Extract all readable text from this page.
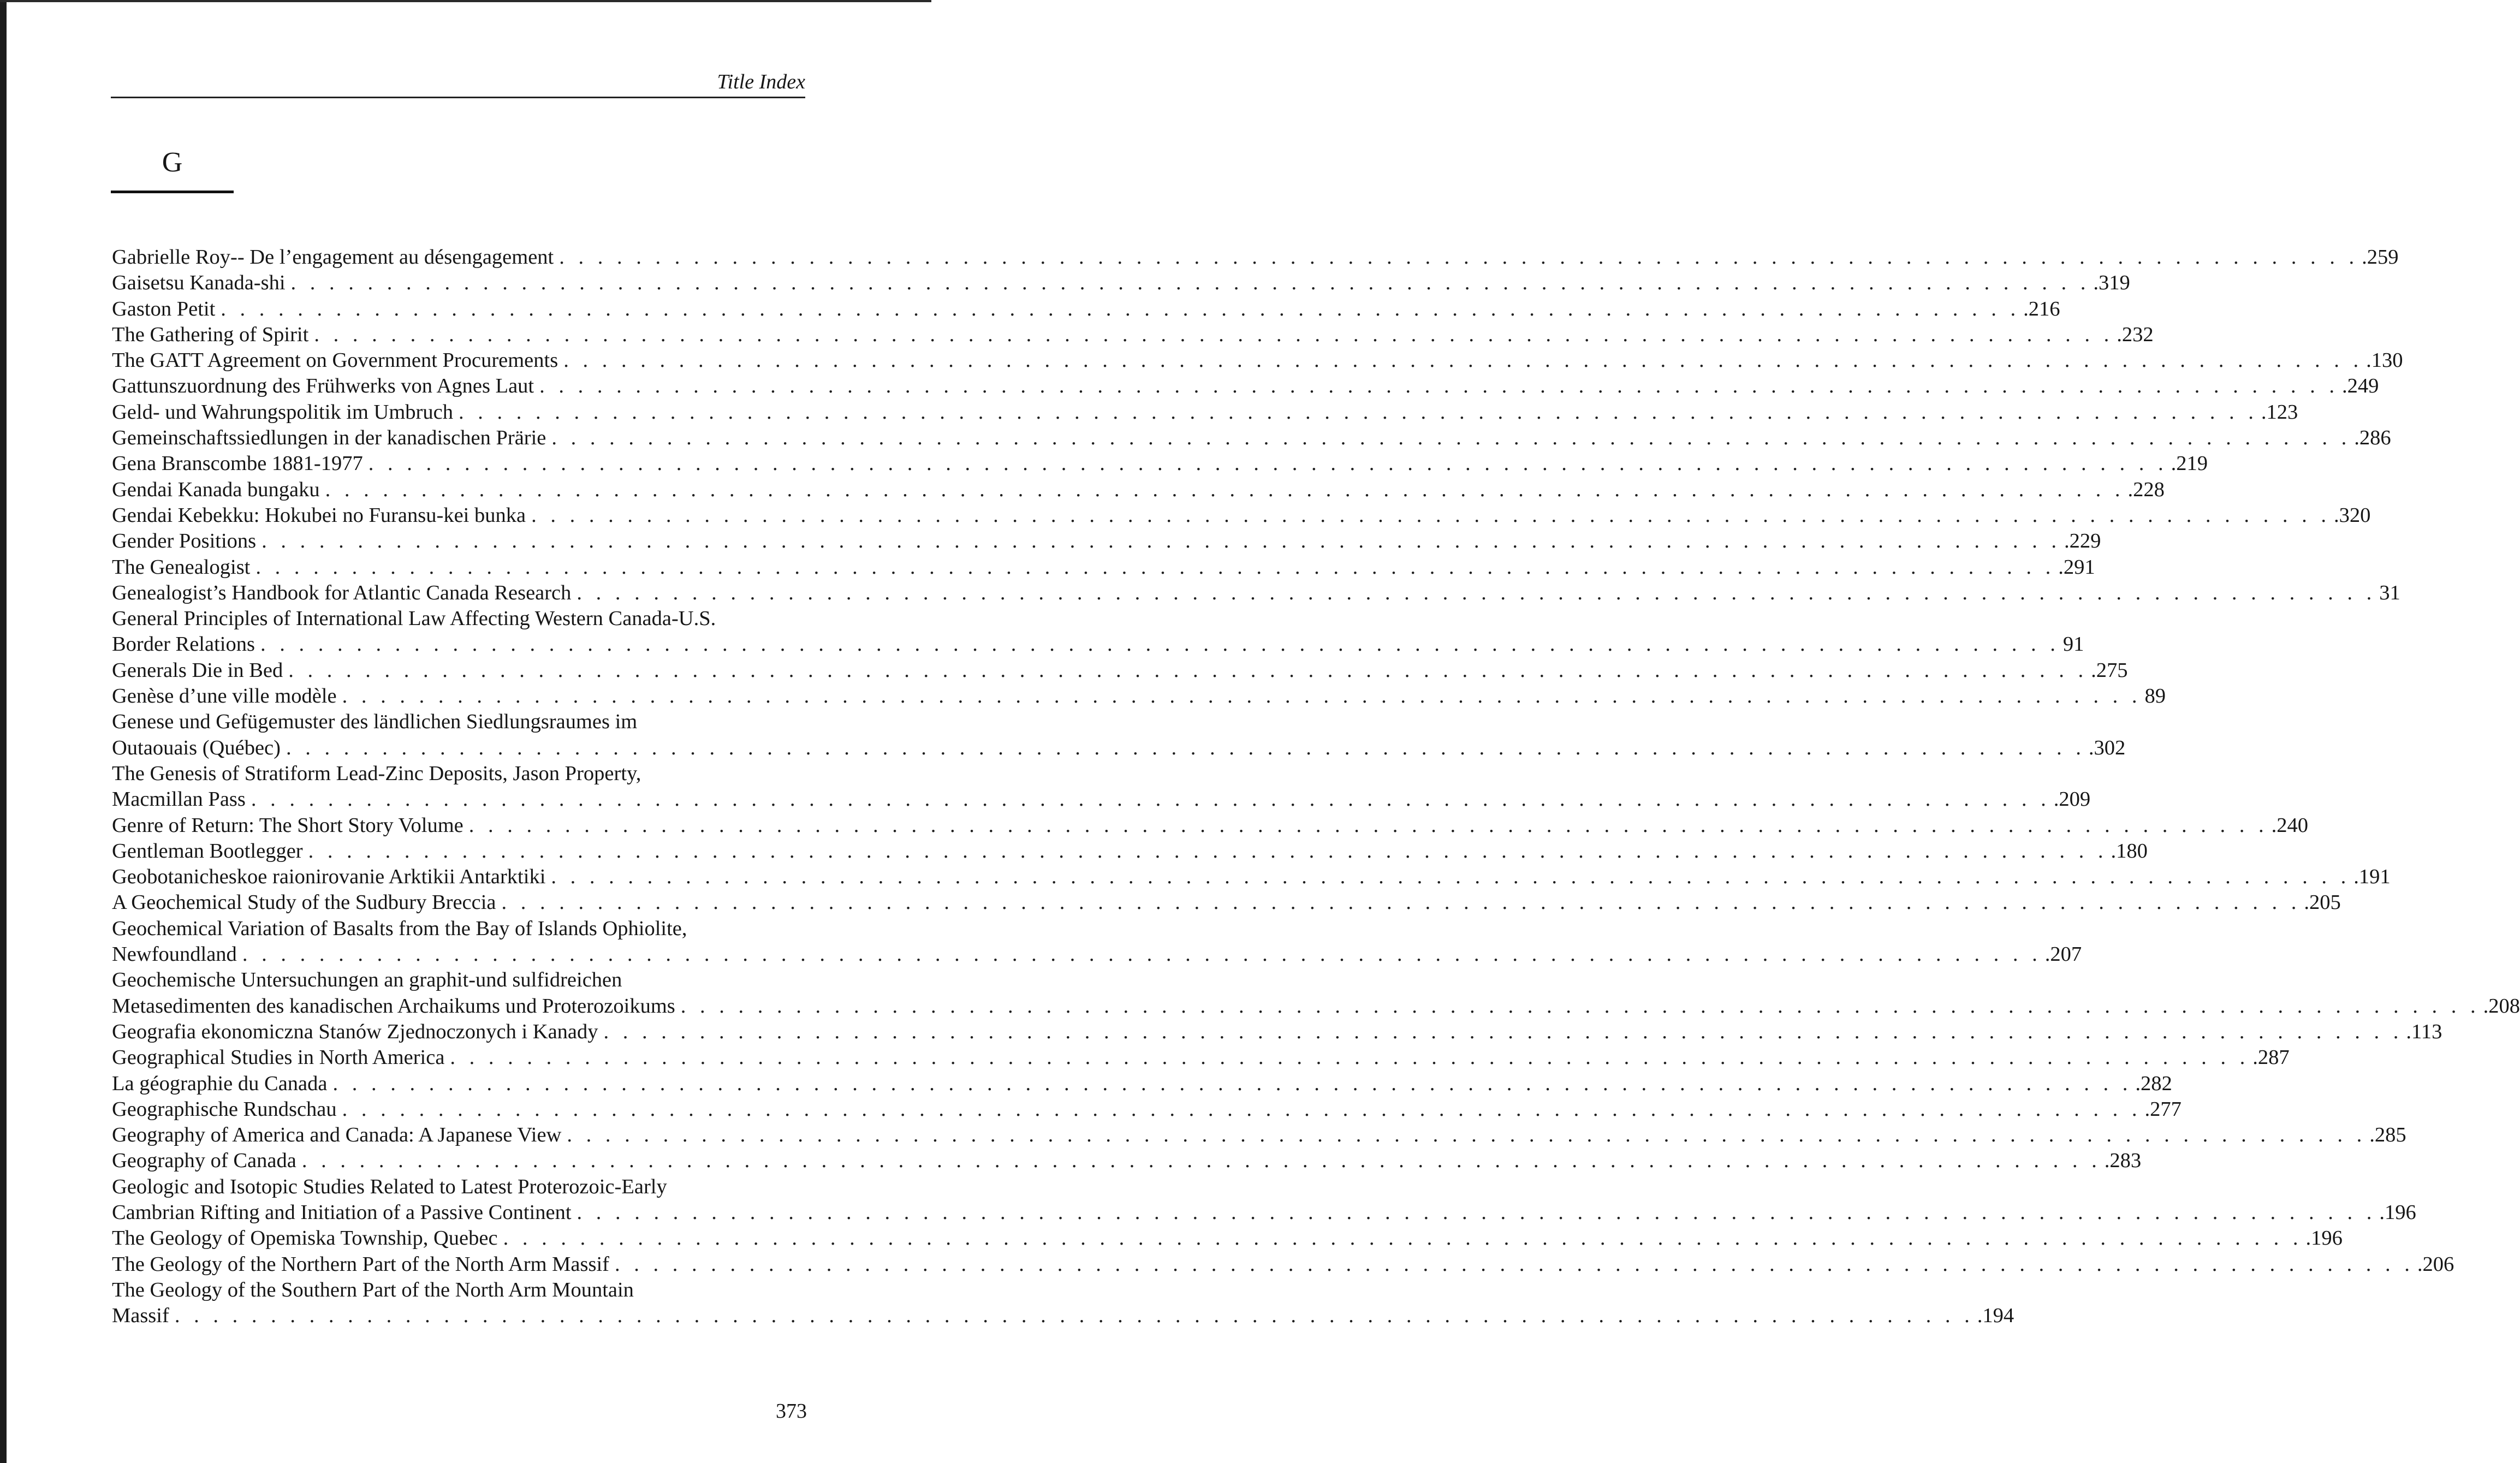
Title Index
G
Gabrielle Roy-- De l’engagement au désengagement . . .	.259
Gaisetsu Kanada-shi . . .	.319
Gaston Petit . . .	.216
The Gathering of Spirit . . .	.232
The GATT Agreement on Government Procurements . . .	.130
Gattunszuordnung des Frühwerks von Agnes Laut . . .	.249
Geld- und Wahrungspolitik im Umbruch . . .	.123
Gemeinschaftssiedlungen in der kanadischen Prärie . . .	.286
Gena Branscombe 1881-1977 . . .	.219
Gendai Kanada bungaku . . .	.228
Gendai Kebekku: Hokubei no Furansu-kei bunka . . .	.320
Gender Positions . . .	.229
The Genealogist . . .	.291
Genealogist’s Handbook for Atlantic Canada Research . . .	31
General Principles of International Law Affecting Western Canada-U.S.
Border Relations . . .	91
Generals Die in Bed . . .	.275
Genèse d’une ville modèle . . .	89
Genese und Gefügemuster des ländlichen Siedlungsraumes im
Outaouais (Québec) . . .	.302
The Genesis of Stratiform Lead-Zinc Deposits, Jason Property,
Macmillan Pass . . .	.209
Genre of Return: The Short Story Volume . . .	.240
Gentleman Bootlegger . . .	.180
Geobotanicheskoe raionirovanie Arktikii Antarktiki . . .	.191
A Geochemical Study of the Sudbury Breccia . . .	.205
Geochemical Variation of Basalts from the Bay of Islands Ophiolite,
Newfoundland . . .	.207
Geochemische Untersuchungen an graphit-und sulfidreichen
Metasedimenten des kanadischen Archaikums und Proterozoikums . . .	.208
Geografia ekonomiczna Stanów Zjednoczonych i Kanady . . .	.113
Geographical Studies in North America . . .	.287
La géographie du Canada . . .	.282
Geographische Rundschau . . .	.277
Geography of America and Canada: A Japanese View . . .	.285
Geography of Canada . . .	.283
Geologic and Isotopic Studies Related to Latest Proterozoic-Early
Cambrian Rifting and Initiation of a Passive Continent . . .	.196
The Geology of Opemiska Township, Quebec . . .	.196
The Geology of the Northern Part of the North Arm Massif . . .	.206
The Geology of the Southern Part of the North Arm Mountain
Massif . . .	.194
373
